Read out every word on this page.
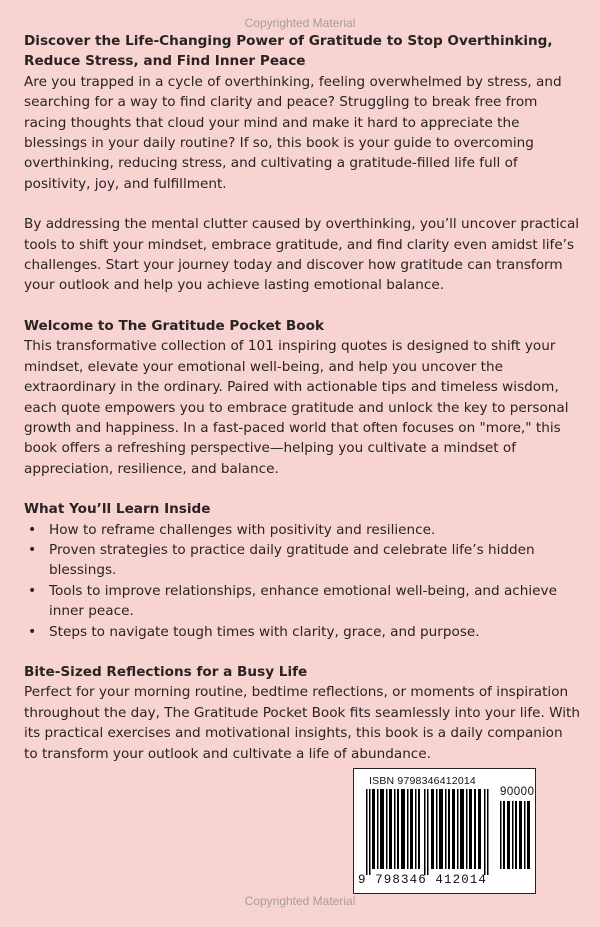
Copyrighted Material
Discover the Life-Changing Power of Gratitude to Stop Overthinking, Reduce Stress, and Find Inner Peace

Are you trapped in a cycle of overthinking, feeling overwhelmed by stress, and searching for a way to find clarity and peace? Struggling to break free from racing thoughts that cloud your mind and make it hard to appreciate the blessings in your daily routine? If so, this book is your guide to overcoming overthinking, reducing stress, and cultivating a gratitude-filled life full of positivity, joy, and fulfillment.

By addressing the mental clutter caused by overthinking, you’ll uncover practical tools to shift your mindset, embrace gratitude, and find clarity even amidst life’s challenges. Start your journey today and discover how gratitude can transform your outlook and help you achieve lasting emotional balance.

Welcome to The Gratitude Pocket Book

This transformative collection of 101 inspiring quotes is designed to shift your mindset, elevate your emotional well-being, and help you uncover the extraordinary in the ordinary. Paired with actionable tips and timeless wisdom, each quote empowers you to embrace gratitude and unlock the key to personal growth and happiness. In a fast-paced world that often focuses on "more," this book offers a refreshing perspective—helping you cultivate a mindset of appreciation, resilience, and balance.

What You’ll Learn Inside
• How to reframe challenges with positivity and resilience.
• Proven strategies to practice daily gratitude and celebrate life’s hidden blessings.
• Tools to improve relationships, enhance emotional well-being, and achieve inner peace.
• Steps to navigate tough times with clarity, grace, and purpose.
Bite-Sized Reflections for a Busy Life

Perfect for your morning routine, bedtime reflections, or moments of inspiration throughout the day, The Gratitude Pocket Book fits seamlessly into your life. With its practical exercises and motivational insights, this book is a daily companion to transform your outlook and cultivate a life of abundance.

ISBN 9798346412014
90000
9 798346 412014
Copyrighted Material
